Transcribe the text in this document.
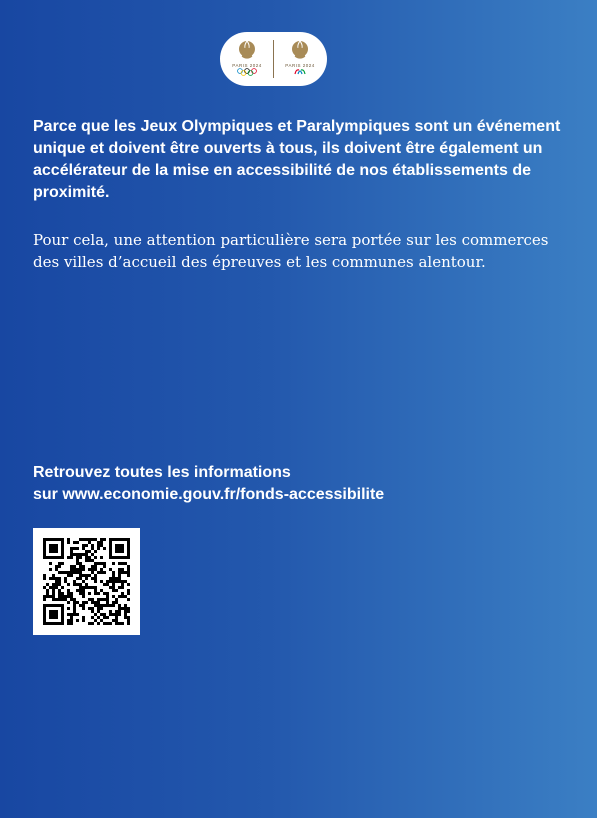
PARIS 2024	PARIS 2024

Parce que les Jeux Olympiques et Paralympiques sont un événement unique et doivent être ouverts à tous, ils doivent être également un accélérateur de la mise en accessibilité de nos établissements de proximité.

Pour cela, une attention particulière sera portée sur les commerces des villes d’accueil des épreuves et les communes alentour.

Retrouvez toutes les informations
sur www.economie.gouv.fr/fonds-accessibilite
